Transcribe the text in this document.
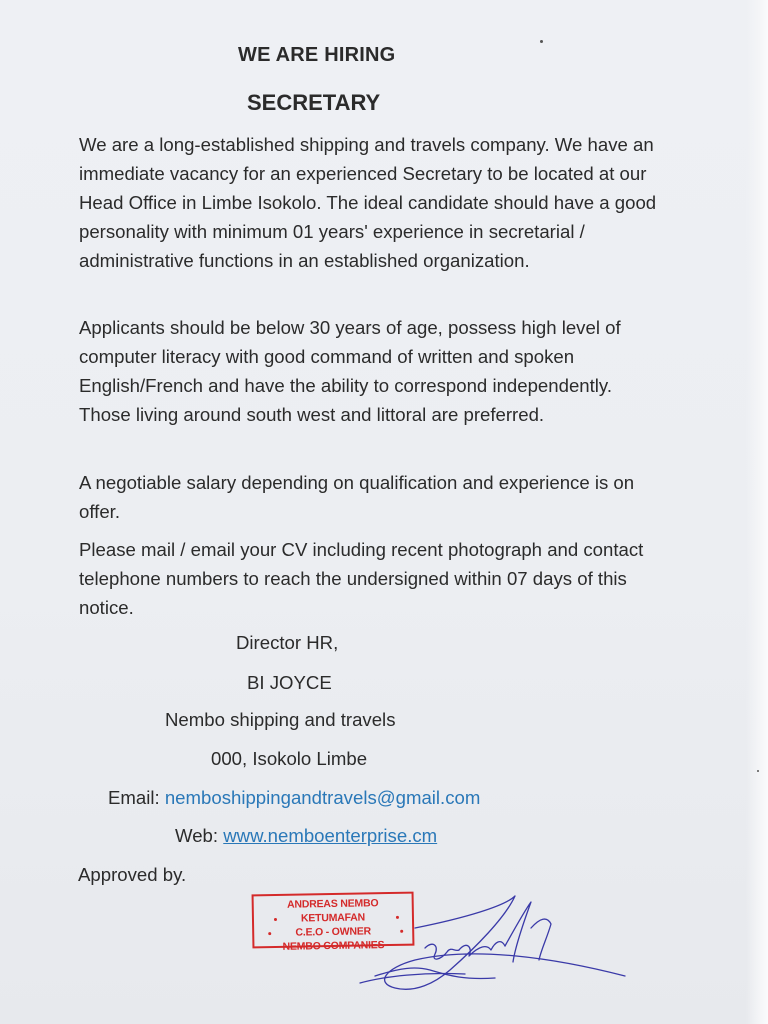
WE ARE HIRING
SECRETARY

We are a long-established shipping and travels company. We have an immediate vacancy for an experienced Secretary to be located at our Head Office in Limbe Isokolo. The ideal candidate should have a good personality with minimum 01 years' experience in secretarial / administrative functions in an established organization.

Applicants should be below 30 years of age, possess high level of computer literacy with good command of written and spoken English/French and have the ability to correspond independently. Those living around south west and littoral are preferred.

A negotiable salary depending on qualification and experience is on offer.

Please mail / email your CV including recent photograph and contact telephone numbers to reach the undersigned within 07 days of this notice.

Director HR,
BI JOYCE
Nembo shipping and travels
000, Isokolo Limbe
Email: nemboshippingandtravels@gmail.com
Web: www.nemboenterprise.cm
Approved by.
ANDREAS NEMBO KETUMAFAN
C.E.O - OWNER
NEMBO COMPANIES
